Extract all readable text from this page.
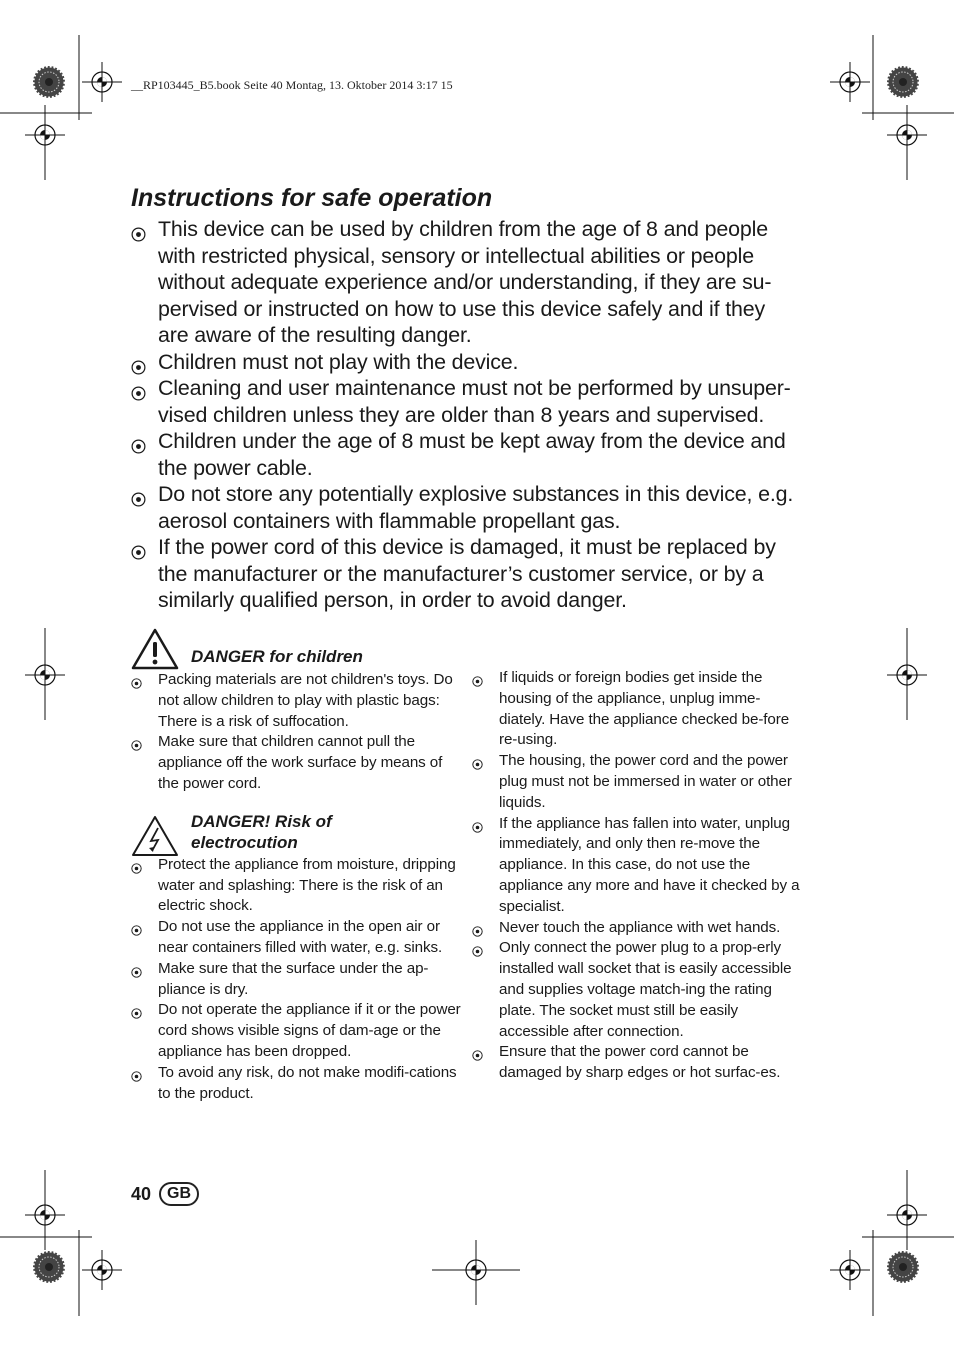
__RP103445_B5.book Seite 40 Montag, 13. Oktober 2014 3:17 15
Instructions for safe operation
This device can be used by children from the age of 8 and people with restricted physical, sensory or intellectual abilities or people without adequate experience and/or understanding, if they are su-pervised or instructed on how to use this device safely and if they are aware of the resulting danger.
Children must not play with the device.
Cleaning and user maintenance must not be performed by unsuper-vised children unless they are older than 8 years and supervised.
Children under the age of 8 must be kept away from the device and the power cable.
Do not store any potentially explosive substances in this device, e.g. aerosol containers with flammable propellant gas.
If the power cord of this device is damaged, it must be replaced by the manufacturer or the manufacturer’s customer service, or by a similarly qualified person, in order to avoid danger.
DANGER for children
Packing materials are not children's toys. Do not allow children to play with plastic bags: There is a risk of suffocation.
Make sure that children cannot pull the appliance off the work surface by means of the power cord.
DANGER! Risk of
electrocution
Protect the appliance from moisture, dripping water and splashing: There is the risk of an electric shock.
Do not use the appliance in the open air or near containers filled with water, e.g. sinks.
Make sure that the surface under the ap-pliance is dry.
Do not operate the appliance if it or the power cord shows visible signs of dam-age or the appliance has been dropped.
To avoid any risk, do not make modifi-cations to the product.
If liquids or foreign bodies get inside the housing of the appliance, unplug imme-diately. Have the appliance checked be-fore re-using.
The housing, the power cord and the power plug must not be immersed in water or other liquids.
If the appliance has fallen into water, unplug immediately, and only then re-move the appliance. In this case, do not use the appliance any more and have it checked by a specialist.
Never touch the appliance with wet hands.
Only connect the power plug to a prop-erly installed wall socket that is easily accessible and supplies voltage match-ing the rating plate. The socket must still be easily accessible after connection.
Ensure that the power cord cannot be damaged by sharp edges or hot surfac-es.
40	GB
